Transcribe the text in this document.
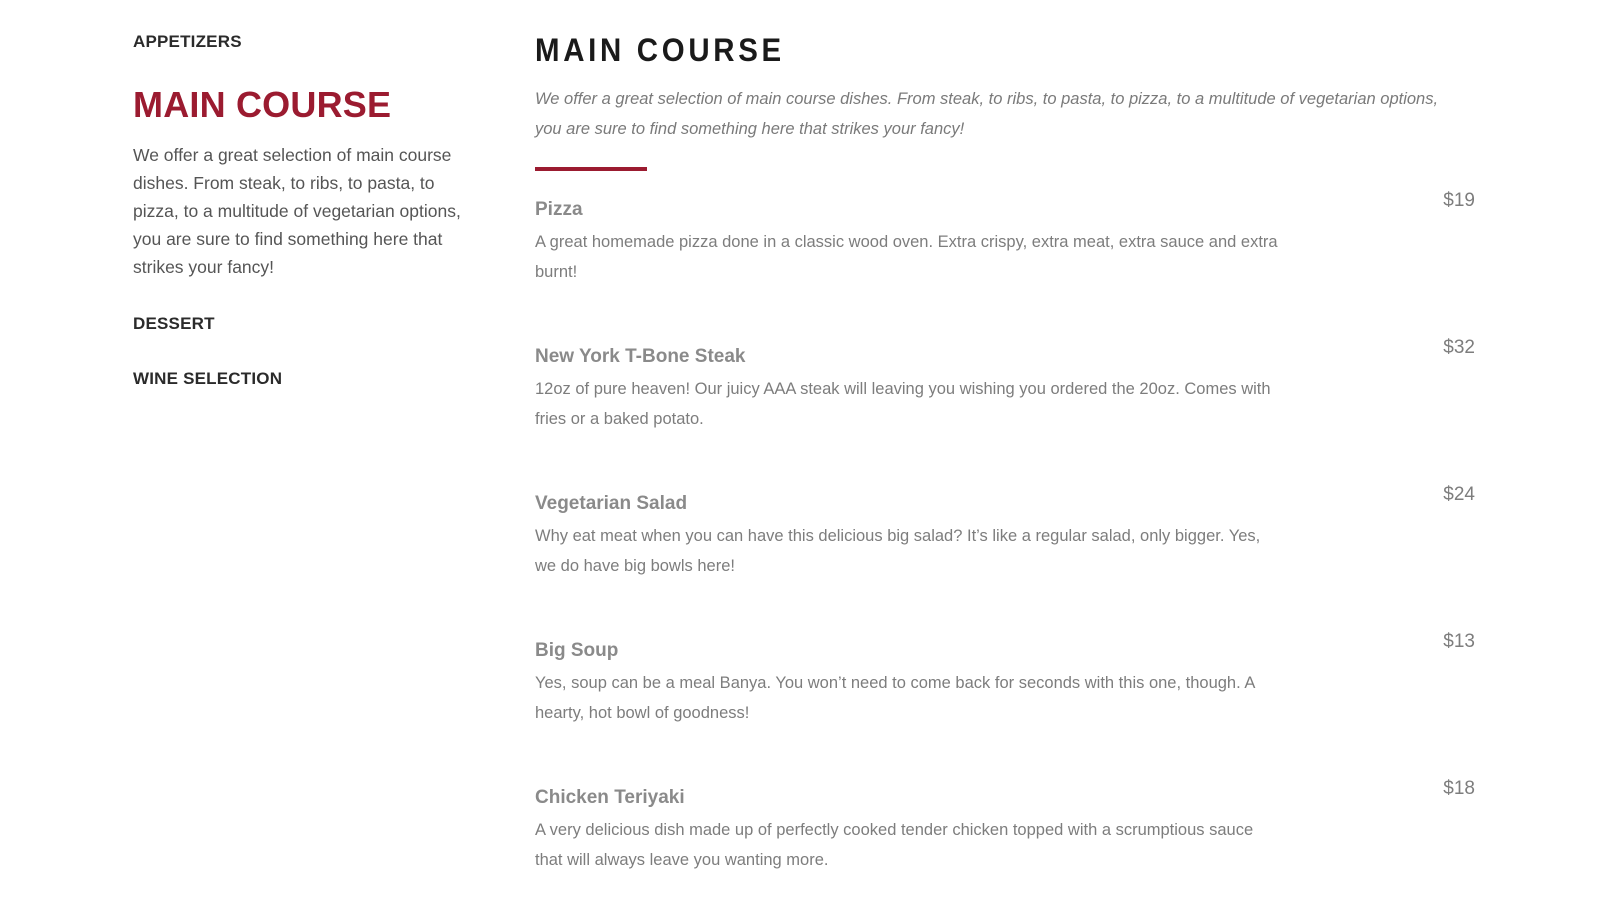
APPETIZERS
MAIN COURSE

We offer a great selection of main course dishes. From steak, to ribs, to pasta, to pizza, to a multitude of vegetarian options, you are sure to find something here that strikes your fancy!

DESSERT
WINE SELECTION
MAIN COURSE

We offer a great selection of main course dishes. From steak, to ribs, to pasta, to pizza, to a multitude of vegetarian options, you are sure to find something here that strikes your fancy!

Pizza
A great homemade pizza done in a classic wood oven. Extra crispy, extra meat, extra sauce and extra burnt!
$19
New York T-Bone Steak
12oz of pure heaven! Our juicy AAA steak will leaving you wishing you ordered the 20oz. Comes with fries or a baked potato.
$32
Vegetarian Salad
Why eat meat when you can have this delicious big salad? It’s like a regular salad, only bigger. Yes, we do have big bowls here!
$24
Big Soup
Yes, soup can be a meal Banya. You won’t need to come back for seconds with this one, though. A hearty, hot bowl of goodness!
$13
Chicken Teriyaki
A very delicious dish made up of perfectly cooked tender chicken topped with a scrumptious sauce that will always leave you wanting more.
$18
